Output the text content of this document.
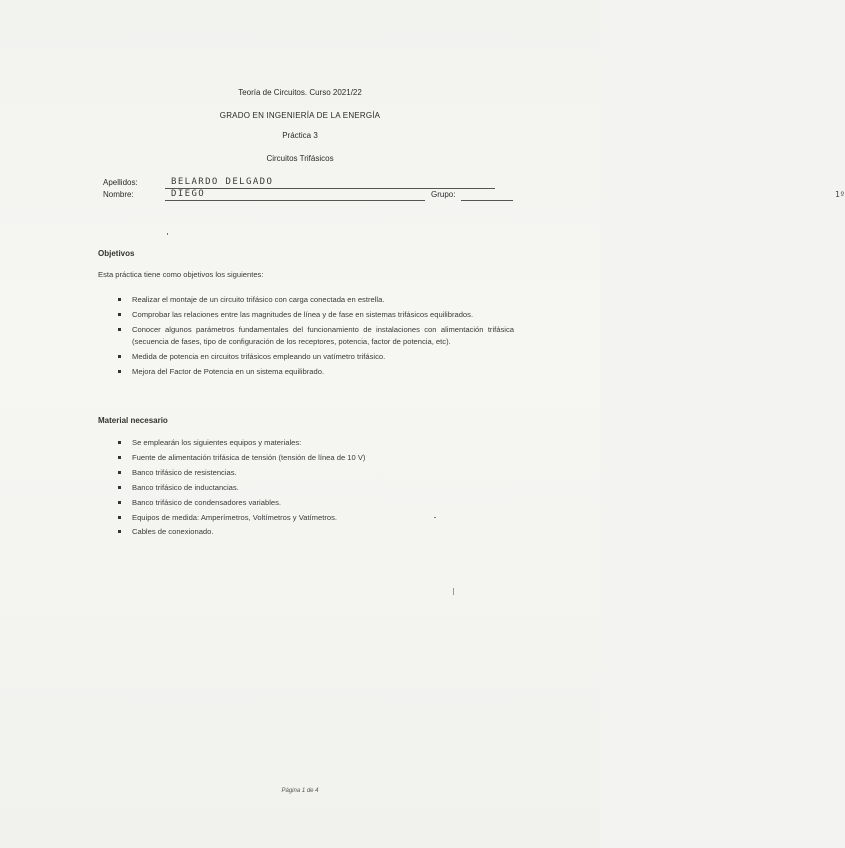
Teoría de Circuitos. Curso 2021/22
GRADO EN INGENIERÍA DE LA ENERGÍA
Práctica 3
Circuitos Trifásicos
Apellidos:	BELARDO DELGADO
Nombre:	DIEGO	Grupo:	1º
Objetivos
Esta práctica tiene como objetivos los siguientes:
Realizar el montaje de un circuito trifásico con carga conectada en estrella.
Comprobar las relaciones entre las magnitudes de línea y de fase en sistemas trifásicos equilibrados.
Conocer algunos parámetros fundamentales del funcionamiento de instalaciones con alimentación trifásica (secuencia de fases, tipo de configuración de los receptores, potencia, factor de potencia, etc).
Medida de potencia en circuitos trifásicos empleando un vatímetro trifásico.
Mejora del Factor de Potencia en un sistema equilibrado.
Material necesario
Se emplearán los siguientes equipos y materiales:
Fuente de alimentación trifásica de tensión (tensión de línea de 10 V)
Banco trifásico de resistencias.
Banco trifásico de inductancias.
Banco trifásico de condensadores variables.
Equipos de medida: Amperímetros, Voltímetros y Vatímetros.
Cables de conexionado.
Página 1 de 4
